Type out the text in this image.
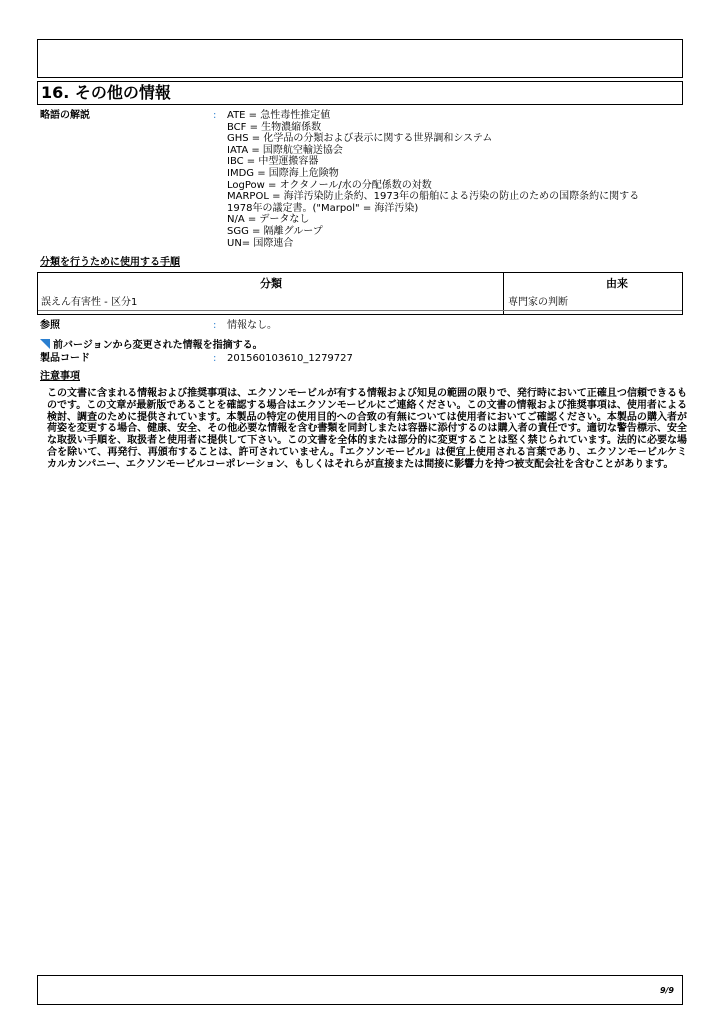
16. その他の情報
略語の解説	: ATE = 急性毒性推定値
BCF = 生物濃縮係数
GHS = 化学品の分類および表示に関する世界調和システム
IATA = 国際航空輸送協会
IBC = 中型運搬容器
IMDG = 国際海上危険物
LogPow = オクタノール/水の分配係数の対数
MARPOL = 海洋汚染防止条約、1973年の船舶による汚染の防止のための国際条約に関する
1978年の議定書。("Marpol" = 海洋汚染)
N/A = データなし
SGG = 隔離グループ
UN= 国際連合
分類を行うために使用する手順
分類	由来
誤えん有害性 - 区分1	専門家の判断
参照	: 情報なし。
前バージョンから変更された情報を指摘する。
製品コード	: 201560103610_1279727
注意事項
この文書に含まれる情報および推奨事項は、エクソンモービルが有する情報および知見の範囲の限りで、発行時において正確且つ信頼できるものです。この文章が最新版であることを確認する場合はエクソンモービルにご連絡ください。この文書の情報および推奨事項は、使用者による検討、調査のために提供されています。本製品の特定の使用目的への合致の有無については使用者においてご確認ください。本製品の購入者が荷姿を変更する場合、健康、安全、その他必要な情報を含む書類を同封しまたは容器に添付するのは購入者の責任です。適切な警告標示、安全な取扱い手順を、取扱者と使用者に提供して下さい。この文書を全体的または部分的に変更することは堅く禁じられています。法的に必要な場合を除いて、再発行、再頒布することは、許可されていません。『エクソンモービル』は便宜上使用される言葉であり、エクソンモービルケミカルカンパニー、エクソンモービルコーポレーション、もしくはそれらが直接または間接に影響力を持つ被支配会社を含むことがあります。
9/9
